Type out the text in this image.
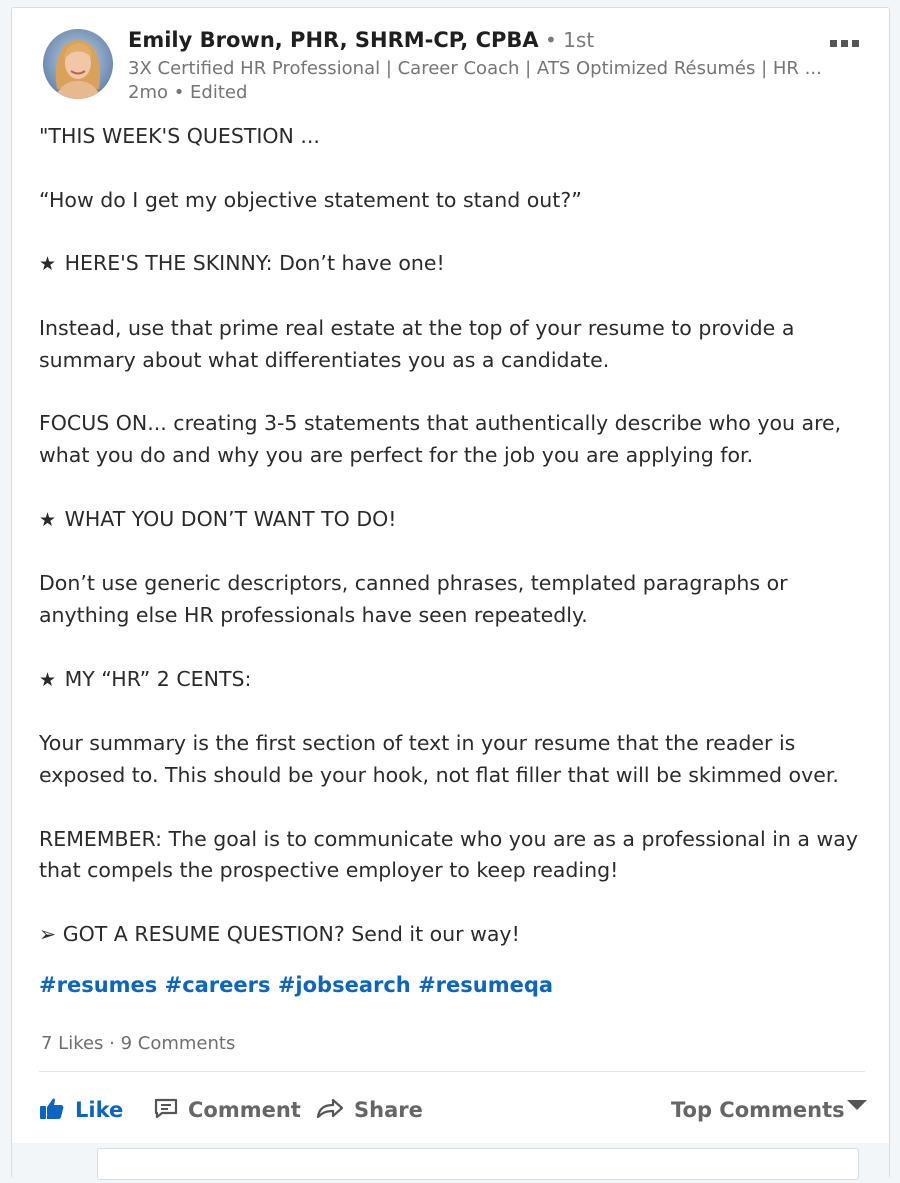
Emily Brown, PHR, SHRM-CP, CPBA • 1st
3X Certified HR Professional | Career Coach | ATS Optimized Résumés | HR ...
2mo • Edited

"THIS WEEK'S QUESTION ...

“How do I get my objective statement to stand out?”

★ HERE'S THE SKINNY: Don’t have one!

Instead, use that prime real estate at the top of your resume to provide a
summary about what differentiates you as a candidate.

FOCUS ON... creating 3-5 statements that authentically describe who you are,
what you do and why you are perfect for the job you are applying for.

★ WHAT YOU DON’T WANT TO DO!

Don’t use generic descriptors, canned phrases, templated paragraphs or
anything else HR professionals have seen repeatedly.

★ MY “HR” 2 CENTS:

Your summary is the first section of text in your resume that the reader is
exposed to. This should be your hook, not flat filler that will be skimmed over.

REMEMBER: The goal is to communicate who you are as a professional in a way
that compels the prospective employer to keep reading!

➢ GOT A RESUME QUESTION? Send it our way!

#resumes #careers #jobsearch #resumeqa
7 Likes · 9 Comments
Like	Comment	Share	Top Comments
